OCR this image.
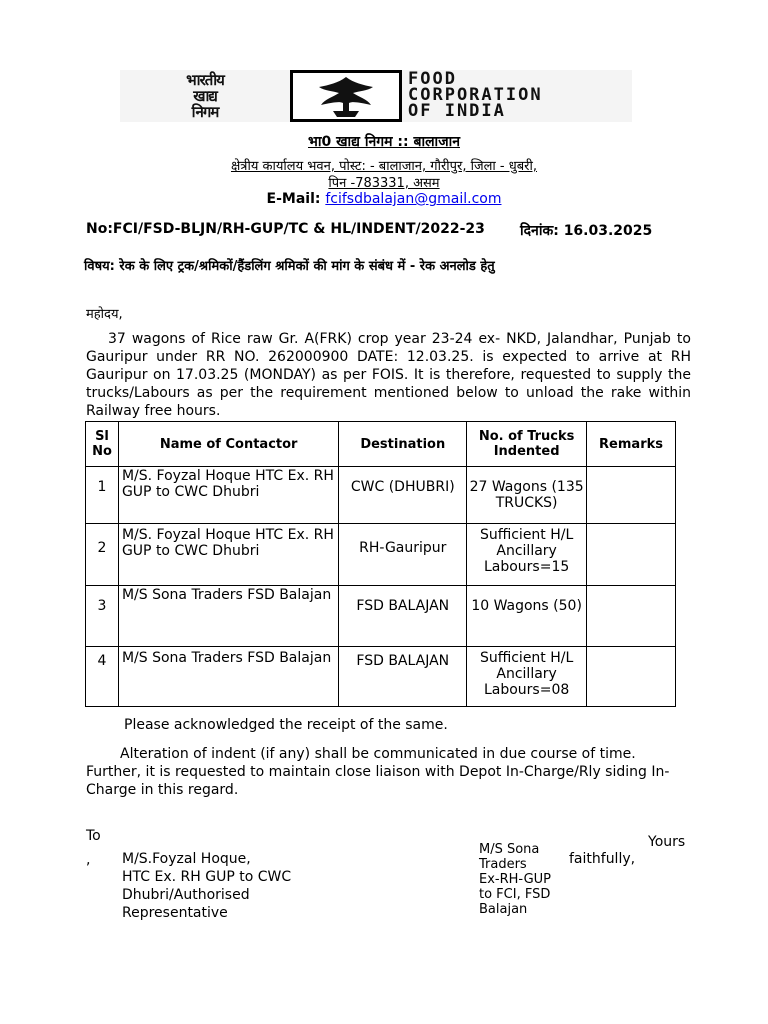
भारतीय
खाद्य
निगम
FOOD
CORPORATION
OF INDIA
भा0 खाद्य निगम :: बालाजान
क्षेत्रीय कार्यालय भवन, पोस्ट: - बालाजान, गौरीपुर, जिला - धुबरी,
पिन -783331, असम
E-Mail: fcifsdbalajan@gmail.com
No:FCI/FSD-BLJN/RH-GUP/TC & HL/INDENT/2022-23	दिनांक: 16.03.2025
विषय: रेक के लिए ट्रक/श्रमिकों/हैंडलिंग श्रमिकों की मांग के संबंध में - रेक अनलोड हेतु
महोदय,
37 wagons of Rice raw Gr. A(FRK) crop year 23-24 ex- NKD, Jalandhar, Punjab to Gauripur under RR NO. 262000900 DATE: 12.03.25. is expected to arrive at RH Gauripur on 17.03.25 (MONDAY) as per FOIS. It is therefore, requested to supply the trucks/Labours as per the requirement mentioned below to unload the rake within Railway free hours.
Sl No	Name of Contactor	Destination	No. of Trucks Indented	Remarks
1	M/S. Foyzal Hoque HTC Ex. RH GUP to CWC Dhubri	CWC (DHUBRI)	27 Wagons (135 TRUCKS)	
2	M/S. Foyzal Hoque HTC Ex. RH GUP to CWC Dhubri	RH-Gauripur	Sufficient H/L Ancillary Labours=15	
3	M/S Sona Traders FSD Balajan	FSD BALAJAN	10 Wagons (50)	
4	M/S Sona Traders FSD Balajan	FSD BALAJAN	Sufficient H/L Ancillary Labours=08	
Please acknowledged the receipt of the same.
Alteration of indent (if any) shall be communicated in due course of time. Further, it is requested to maintain close liaison with Depot In-Charge/Rly siding In-Charge in this regard.
To
, M/S.Foyzal Hoque,
HTC Ex. RH GUP to CWC
Dhubri/Authorised
Representative
M/S Sona
Traders
Ex-RH-GUP
to FCI, FSD
Balajan
Yours
faithfully,
